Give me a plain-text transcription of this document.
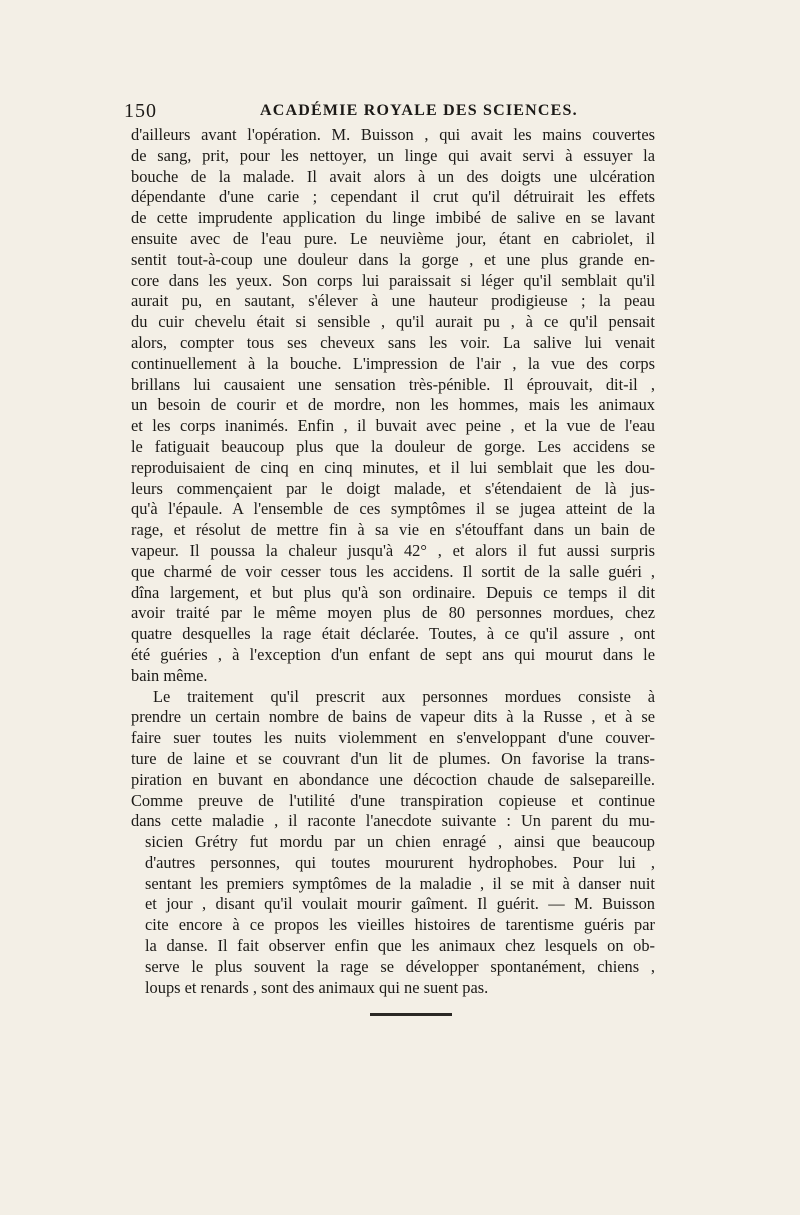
150	ACADÉMIE ROYALE DES SCIENCES.
d'ailleurs avant l'opération. M. Buisson , qui avait les mains couvertes
de sang, prit, pour les nettoyer, un linge qui avait servi à essuyer la
bouche de la malade. Il avait alors à un des doigts une ulcération
dépendante d'une carie ; cependant il crut qu'il détruirait les effets
de cette imprudente application du linge imbibé de salive en se lavant
ensuite avec de l'eau pure. Le neuvième jour, étant en cabriolet, il
sentit tout-à-coup une douleur dans la gorge , et une plus grande en-
core dans les yeux. Son corps lui paraissait si léger qu'il semblait qu'il
aurait pu, en sautant, s'élever à une hauteur prodigieuse ; la peau
du cuir chevelu était si sensible , qu'il aurait pu , à ce qu'il pensait
alors, compter tous ses cheveux sans les voir. La salive lui venait
continuellement à la bouche. L'impression de l'air , la vue des corps
brillans lui causaient une sensation très-pénible. Il éprouvait, dit-il ,
un besoin de courir et de mordre, non les hommes, mais les animaux
et les corps inanimés. Enfin , il buvait avec peine , et la vue de l'eau
le fatiguait beaucoup plus que la douleur de gorge. Les accidens se
reproduisaient de cinq en cinq minutes, et il lui semblait que les dou-
leurs commençaient par le doigt malade, et s'étendaient de là jus-
qu'à l'épaule. A l'ensemble de ces symptômes il se jugea atteint de la
rage, et résolut de mettre fin à sa vie en s'étouffant dans un bain de
vapeur. Il poussa la chaleur jusqu'à 42° , et alors il fut aussi surpris
que charmé de voir cesser tous les accidens. Il sortit de la salle guéri ,
dîna largement, et but plus qu'à son ordinaire. Depuis ce temps il dit
avoir traité par le même moyen plus de 80 personnes mordues, chez
quatre desquelles la rage était déclarée. Toutes, à ce qu'il assure , ont
été guéries , à l'exception d'un enfant de sept ans qui mourut dans le
bain même.
Le traitement qu'il prescrit aux personnes mordues consiste à
prendre un certain nombre de bains de vapeur dits à la Russe , et à se
faire suer toutes les nuits violemment en s'enveloppant d'une couver-
ture de laine et se couvrant d'un lit de plumes. On favorise la trans-
piration en buvant en abondance une décoction chaude de salsepareille.
Comme preuve de l'utilité d'une transpiration copieuse et continue
dans cette maladie , il raconte l'anecdote suivante : Un parent du mu-
sicien Grétry fut mordu par un chien enragé , ainsi que beaucoup
d'autres personnes, qui toutes moururent hydrophobes. Pour lui ,
sentant les premiers symptômes de la maladie , il se mit à danser nuit
et jour , disant qu'il voulait mourir gaîment. Il guérit. — M. Buisson
cite encore à ce propos les vieilles histoires de tarentisme guéris par
la danse. Il fait observer enfin que les animaux chez lesquels on ob-
serve le plus souvent la rage se développer spontanément, chiens ,
loups et renards , sont des animaux qui ne suent pas.
